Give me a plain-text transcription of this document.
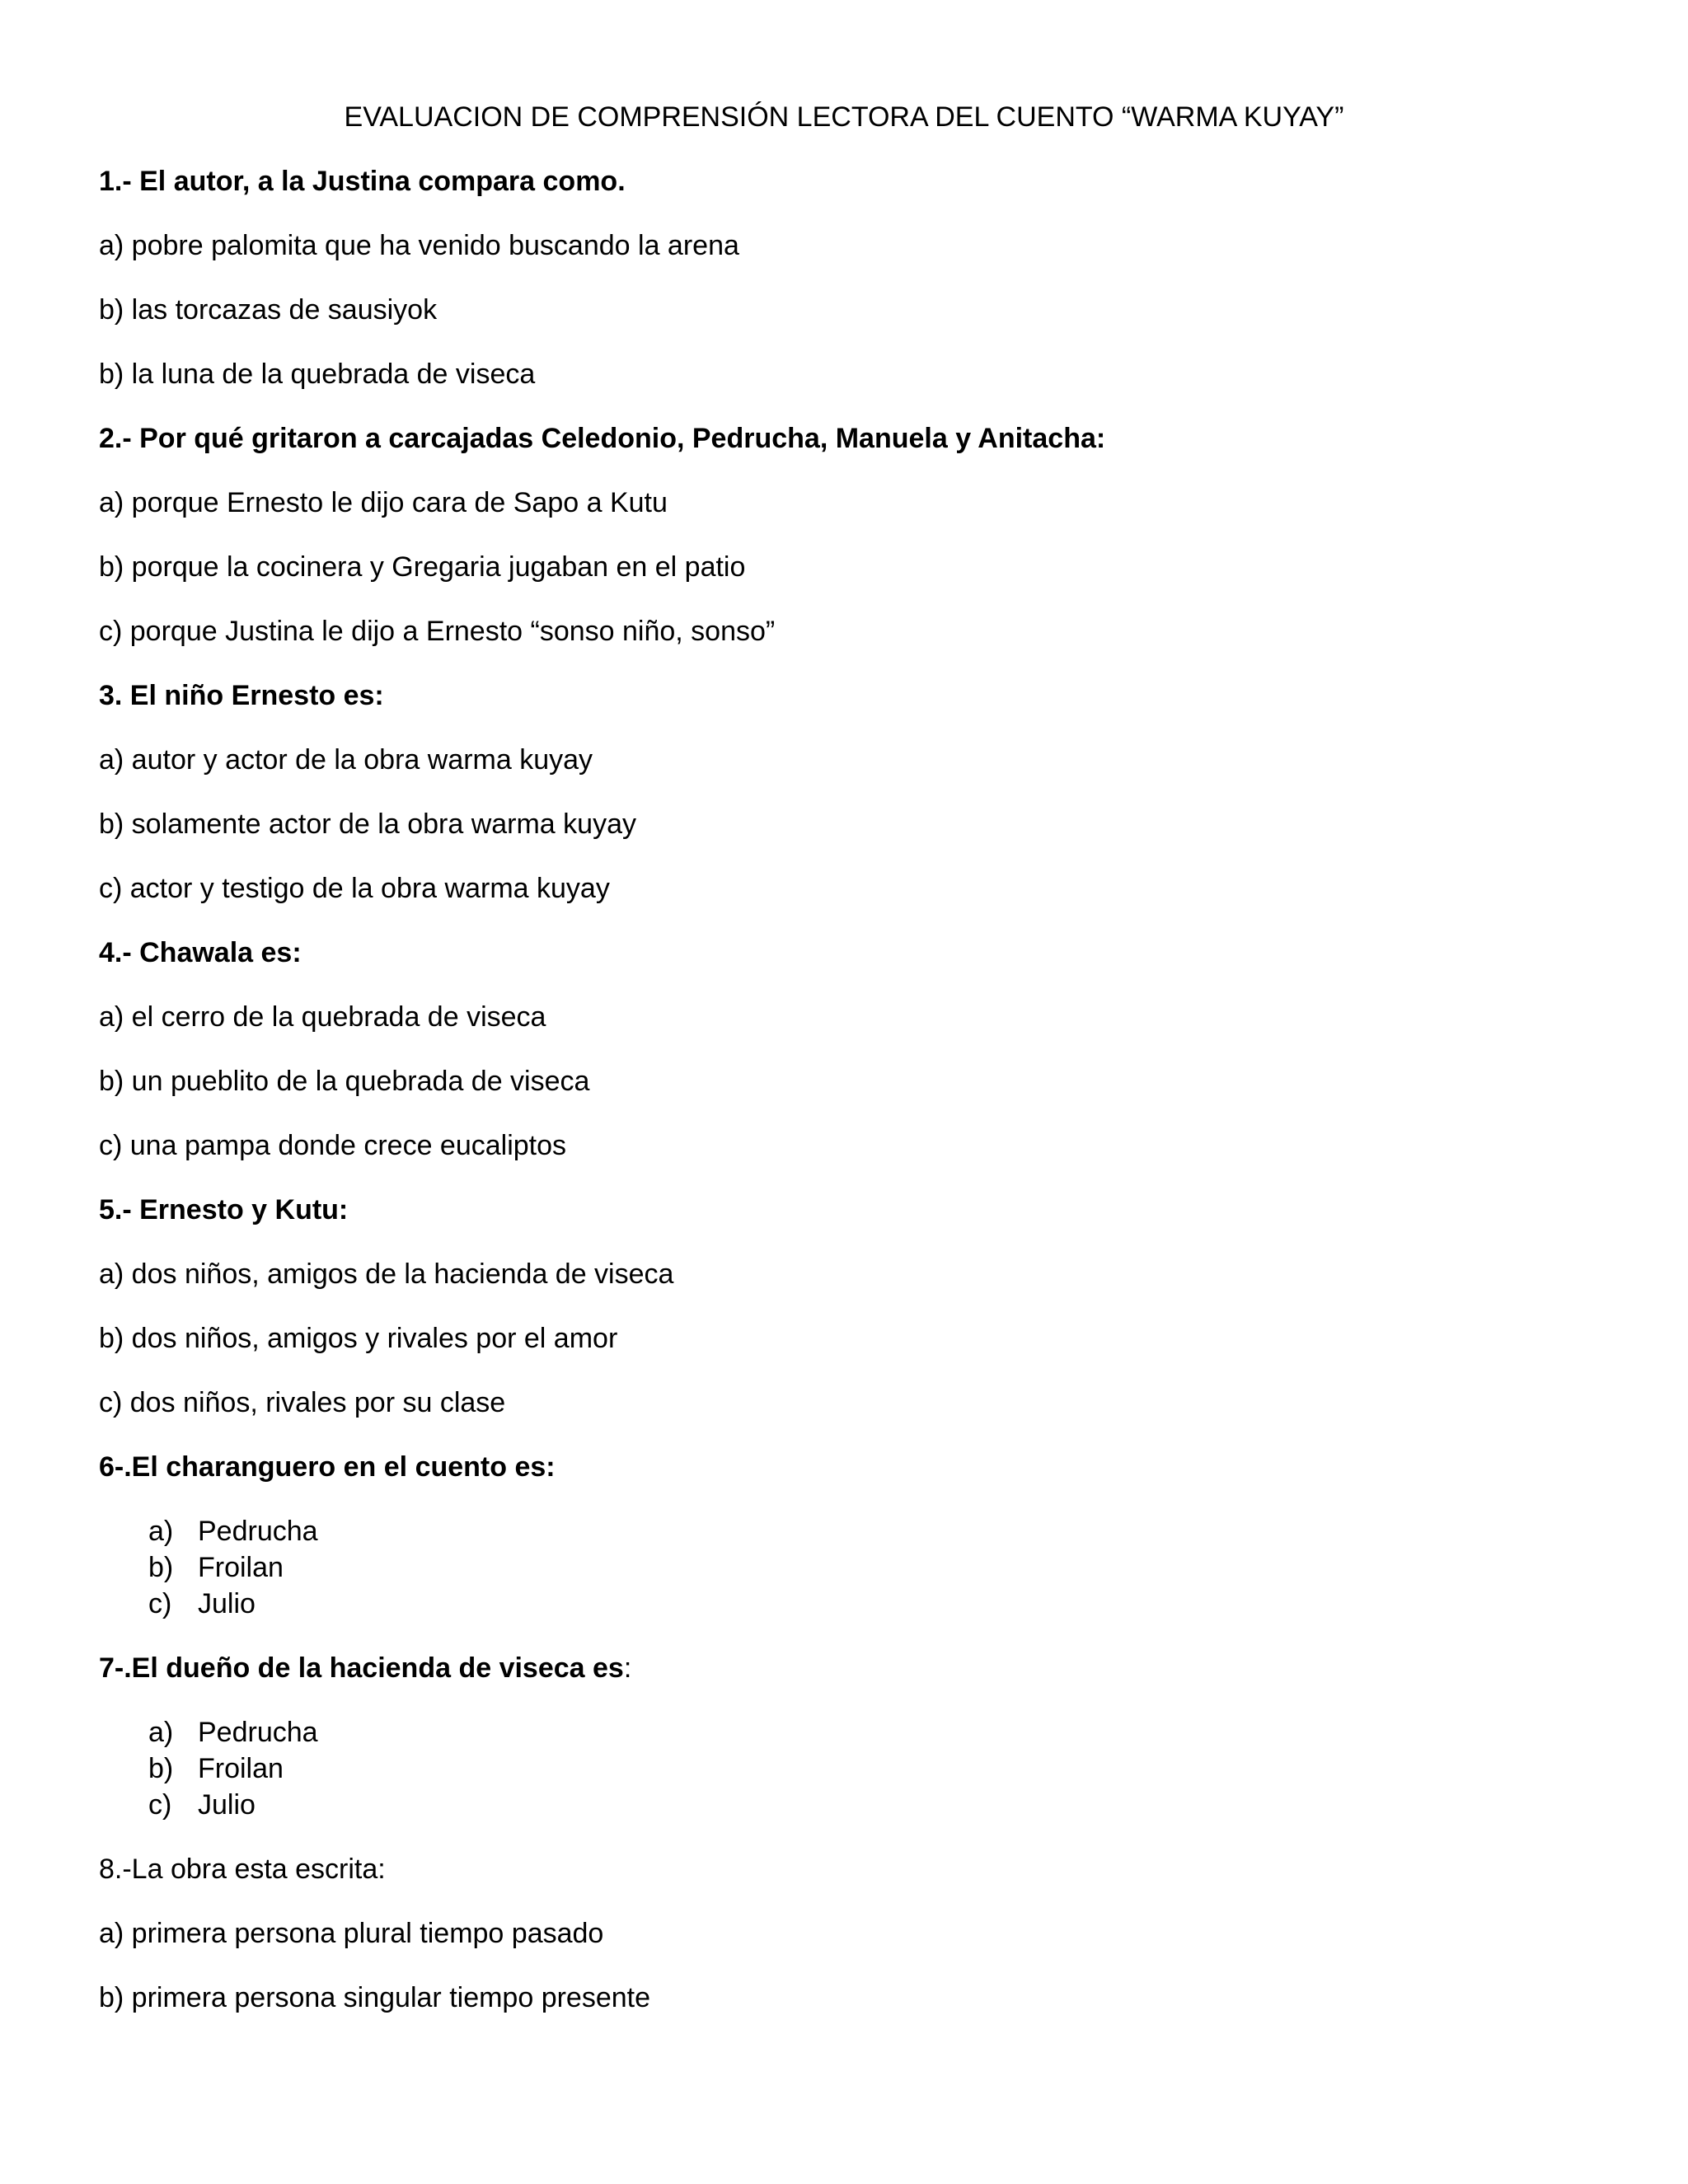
EVALUACION DE COMPRENSIÓN LECTORA DEL CUENTO “WARMA KUYAY”
1.- El autor, a la Justina compara como.
a) pobre palomita que ha venido buscando la arena
b) las torcazas de sausiyok
b) la luna de la quebrada de viseca
2.- Por qué gritaron a carcajadas Celedonio, Pedrucha, Manuela y Anitacha:
a) porque Ernesto le dijo cara de Sapo a Kutu
b) porque la cocinera y Gregaria jugaban en el patio
c) porque Justina le dijo a Ernesto “sonso niño, sonso”
3. El niño Ernesto es:
a) autor y actor de la obra warma kuyay
b) solamente actor de la obra warma kuyay
c) actor y testigo de la obra warma kuyay
4.- Chawala es:
a) el cerro de la quebrada de viseca
b) un pueblito de la quebrada de viseca
c) una pampa donde crece eucaliptos
5.- Ernesto y Kutu:
a) dos niños, amigos de la hacienda de viseca
b) dos niños, amigos y rivales por el amor
c) dos niños, rivales por su clase
6-.El charanguero en el cuento es:
a) Pedrucha
b) Froilan
c) Julio
7-.El dueño de la hacienda de viseca es:
a) Pedrucha
b) Froilan
c) Julio
8.-La obra esta escrita:
a) primera persona plural tiempo pasado
b) primera persona singular tiempo presente
